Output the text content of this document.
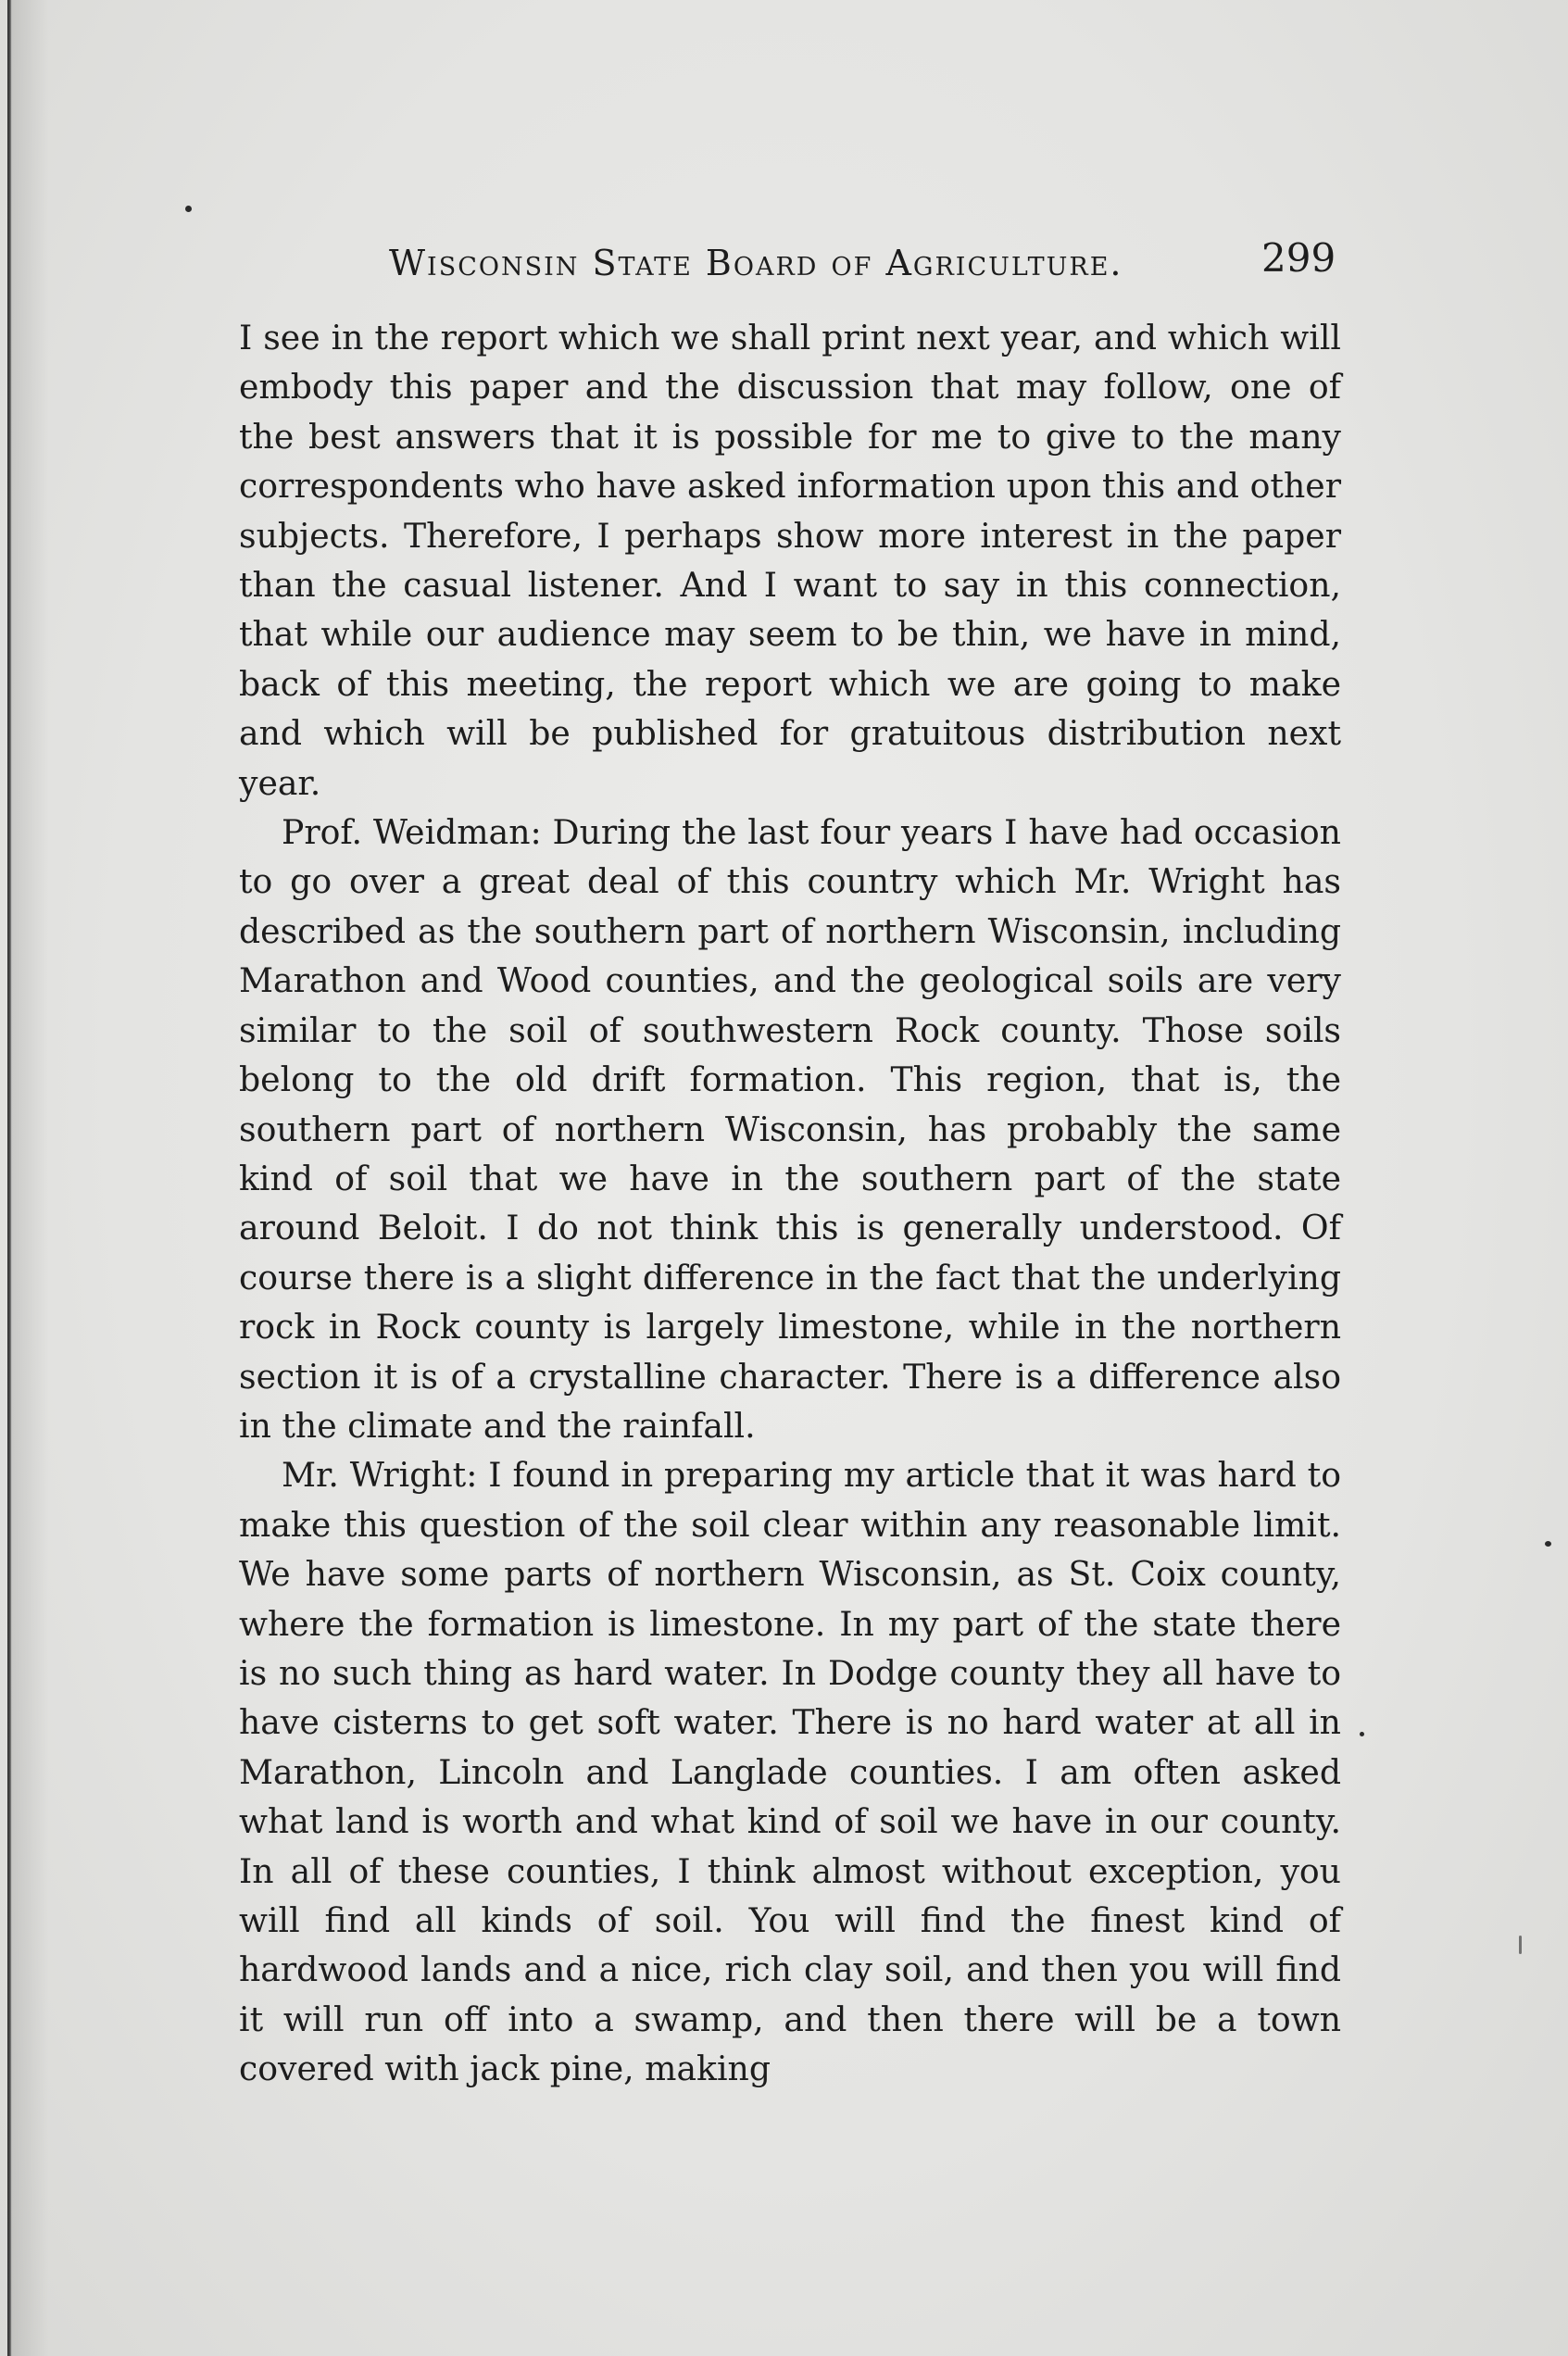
Wisconsin State Board of Agriculture.	299

I see in the report which we shall print next year, and which will embody this paper and the discussion that may follow, one of the best answers that it is possible for me to give to the many correspondents who have asked information upon this and other subjects. Therefore, I perhaps show more interest in the paper than the casual listener. And I want to say in this connection, that while our audience may seem to be thin, we have in mind, back of this meeting, the report which we are going to make and which will be published for gratuitous distribution next year.

Prof. Weidman: During the last four years I have had occasion to go over a great deal of this country which Mr. Wright has described as the southern part of northern Wisconsin, including Marathon and Wood counties, and the geological soils are very similar to the soil of southwestern Rock county. Those soils belong to the old drift formation. This region, that is, the southern part of northern Wisconsin, has probably the same kind of soil that we have in the southern part of the state around Beloit. I do not think this is generally understood. Of course there is a slight difference in the fact that the underlying rock in Rock county is largely limestone, while in the northern section it is of a crystalline character. There is a difference also in the climate and the rainfall.

Mr. Wright: I found in preparing my article that it was hard to make this question of the soil clear within any reasonable limit. We have some parts of northern Wisconsin, as St. Coix county, where the formation is limestone. In my part of the state there is no such thing as hard water. In Dodge county they all have to have cisterns to get soft water. There is no hard water at all in Marathon, Lincoln and Langlade counties. I am often asked what land is worth and what kind of soil we have in our county. In all of these counties, I think almost without exception, you will find all kinds of soil. You will find the finest kind of hardwood lands and a nice, rich clay soil, and then you will find it will run off into a swamp, and then there will be a town covered with jack pine, making
